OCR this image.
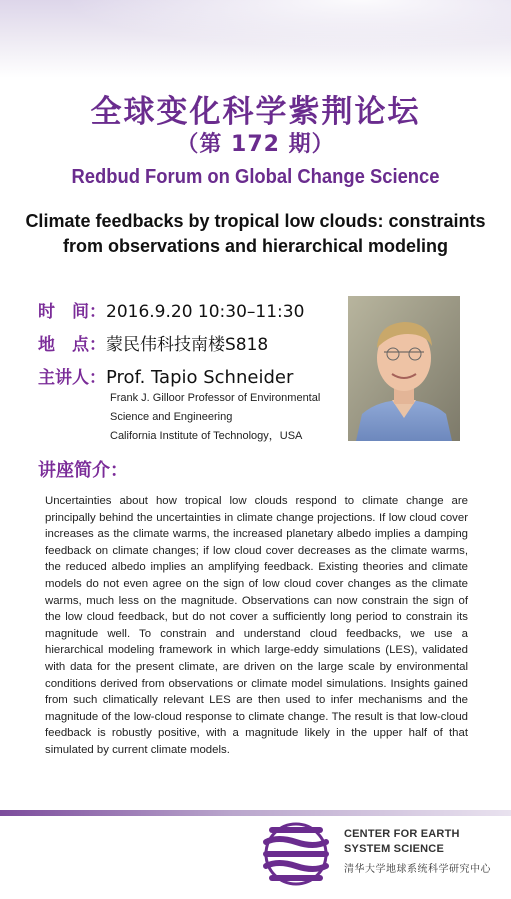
全球变化科学紫荆论坛
（第 172 期）
Redbud Forum on Global Change Science
Climate feedbacks by tropical low clouds: constraints
from observations and hierarchical modeling
时　间：2016.9.20 10:30–11:30
地　点：蒙民伟科技南楼S818
主讲人：Prof. Tapio Schneider
Frank J. Gilloor Professor of Environmental
Science and Engineering
California Institute of Technology，USA
讲座简介：
Uncertainties about how tropical low clouds respond to climate change are principally behind the uncertainties in climate change projections. If low cloud cover increases as the climate warms, the increased planetary albedo implies a damping feedback on climate changes; if low cloud cover decreases as the climate warms, the reduced albedo implies an amplifying feedback. Existing theories and climate models do not even agree on the sign of low cloud cover changes as the climate warms, much less on the magnitude. Observations can now constrain the sign of the low cloud feedback, but do not cover a sufficiently long period to constrain its magnitude well. To constrain and understand cloud feedbacks, we use a hierarchical modeling framework in which large-eddy simulations (LES), validated with data for the present climate, are driven on the large scale by environmental conditions derived from observations or climate model simulations. Insights gained from such climatically relevant LES are then used to infer mechanisms and the magnitude of the low-cloud response to climate change. The result is that low-cloud feedback is robustly positive, with a magnitude likely in the upper half of that simulated by current climate models.
CENTER FOR EARTH
SYSTEM SCIENCE
清华大学地球系统科学研究中心
